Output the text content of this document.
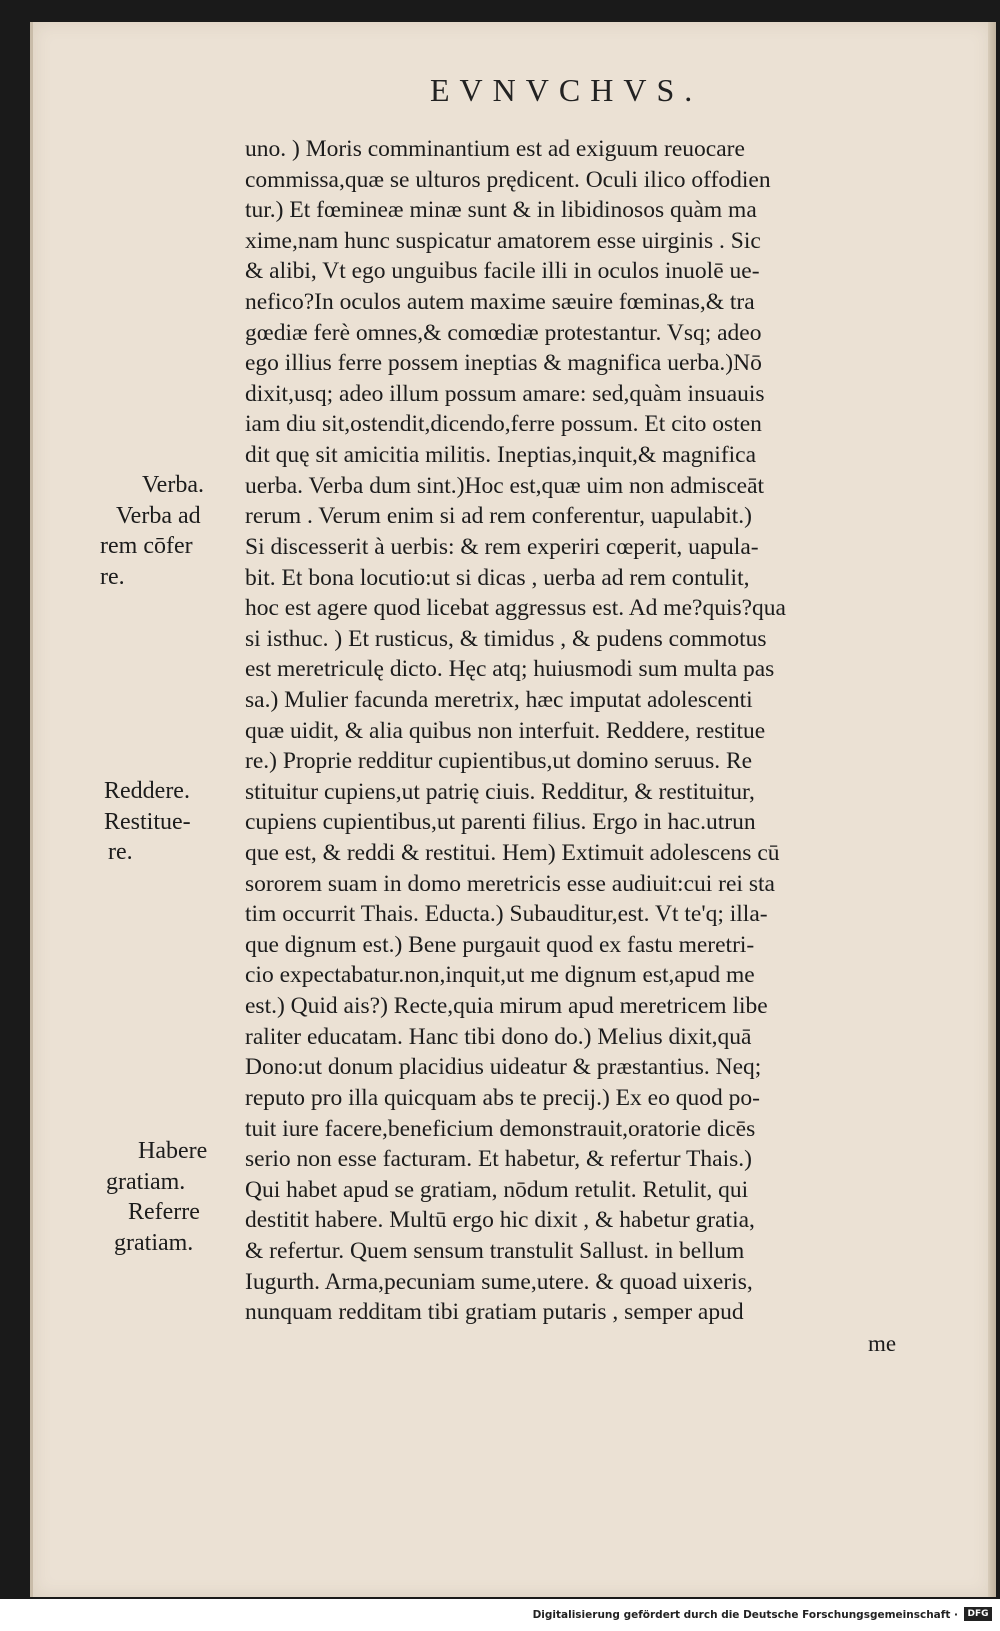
EVNVCHVS.
uno. ) Moris comminantium est ad exiguum reuocare
commissa,quæ se ulturos prędicent. Oculi ilico offodien
tur.) Et fœmineæ minæ sunt & in libidinosos quàm ma
xime,nam hunc suspicatur amatorem esse uirginis . Sic
& alibi, Vt ego unguibus facile illi in oculos inuolē ue-
nefico?In oculos autem maxime sæuire fœminas,& tra
gœdiæ ferè omnes,& comœdiæ protestantur. Vsq; adeo
ego illius ferre possem ineptias & magnifica uerba.)Nō
dixit,usq; adeo illum possum amare: sed,quàm insuauis
iam diu sit,ostendit,dicendo,ferre possum. Et cito osten
dit quę sit amicitia militis. Ineptias,inquit,& magnifica
uerba. Verba dum sint.)Hoc est,quæ uim non admisceāt
rerum . Verum enim si ad rem conferentur, uapulabit.)
Si discesserit à uerbis: & rem experiri cœperit, uapula-
bit. Et bona locutio:ut si dicas , uerba ad rem contulit,
hoc est agere quod licebat aggressus est. Ad me?quis?qua
si isthuc. ) Et rusticus, & timidus , & pudens commotus
est meretriculę dicto. Hęc atq; huiusmodi sum multa pas
sa.) Mulier facunda meretrix, hæc imputat adolescenti
quæ uidit, & alia quibus non interfuit. Reddere, restitue
re.) Proprie redditur cupientibus,ut domino seruus. Re
stituitur cupiens,ut patrię ciuis. Redditur, & restituitur,
cupiens cupientibus,ut parenti filius. Ergo in hac.utrun
que est, & reddi & restitui. Hem) Extimuit adolescens cū
sororem suam in domo meretricis esse audiuit:cui rei sta
tim occurrit Thais. Educta.) Subauditur,est. Vt te'q; illa-
que dignum est.) Bene purgauit quod ex fastu meretri-
cio expectabatur.non,inquit,ut me dignum est,apud me
est.) Quid ais?) Recte,quia mirum apud meretricem libe
raliter educatam. Hanc tibi dono do.) Melius dixit,quā
Dono:ut donum placidius uideatur & præstantius. Neq;
reputo pro illa quicquam abs te precij.) Ex eo quod po-
tuit iure facere,beneficium demonstrauit,oratorie dicēs
serio non esse facturam. Et habetur, & refertur Thais.)
Qui habet apud se gratiam, nōdum retulit. Retulit, qui
destitit habere. Multū ergo hic dixit , & habetur gratia,
& refertur. Quem sensum transtulit Sallust. in bellum
Iugurth. Arma,pecuniam sume,utere. & quoad uixeris,
nunquam redditam tibi gratiam putaris , semper apud
me
Verba.
Verba ad
rem cōfer
re.
Reddere.
Restitue-
re.
Habere
gratiam.
Referre
gratiam.
Digitalisierung gefördert durch die Deutsche Forschungsgemeinschaft ·	DFG
